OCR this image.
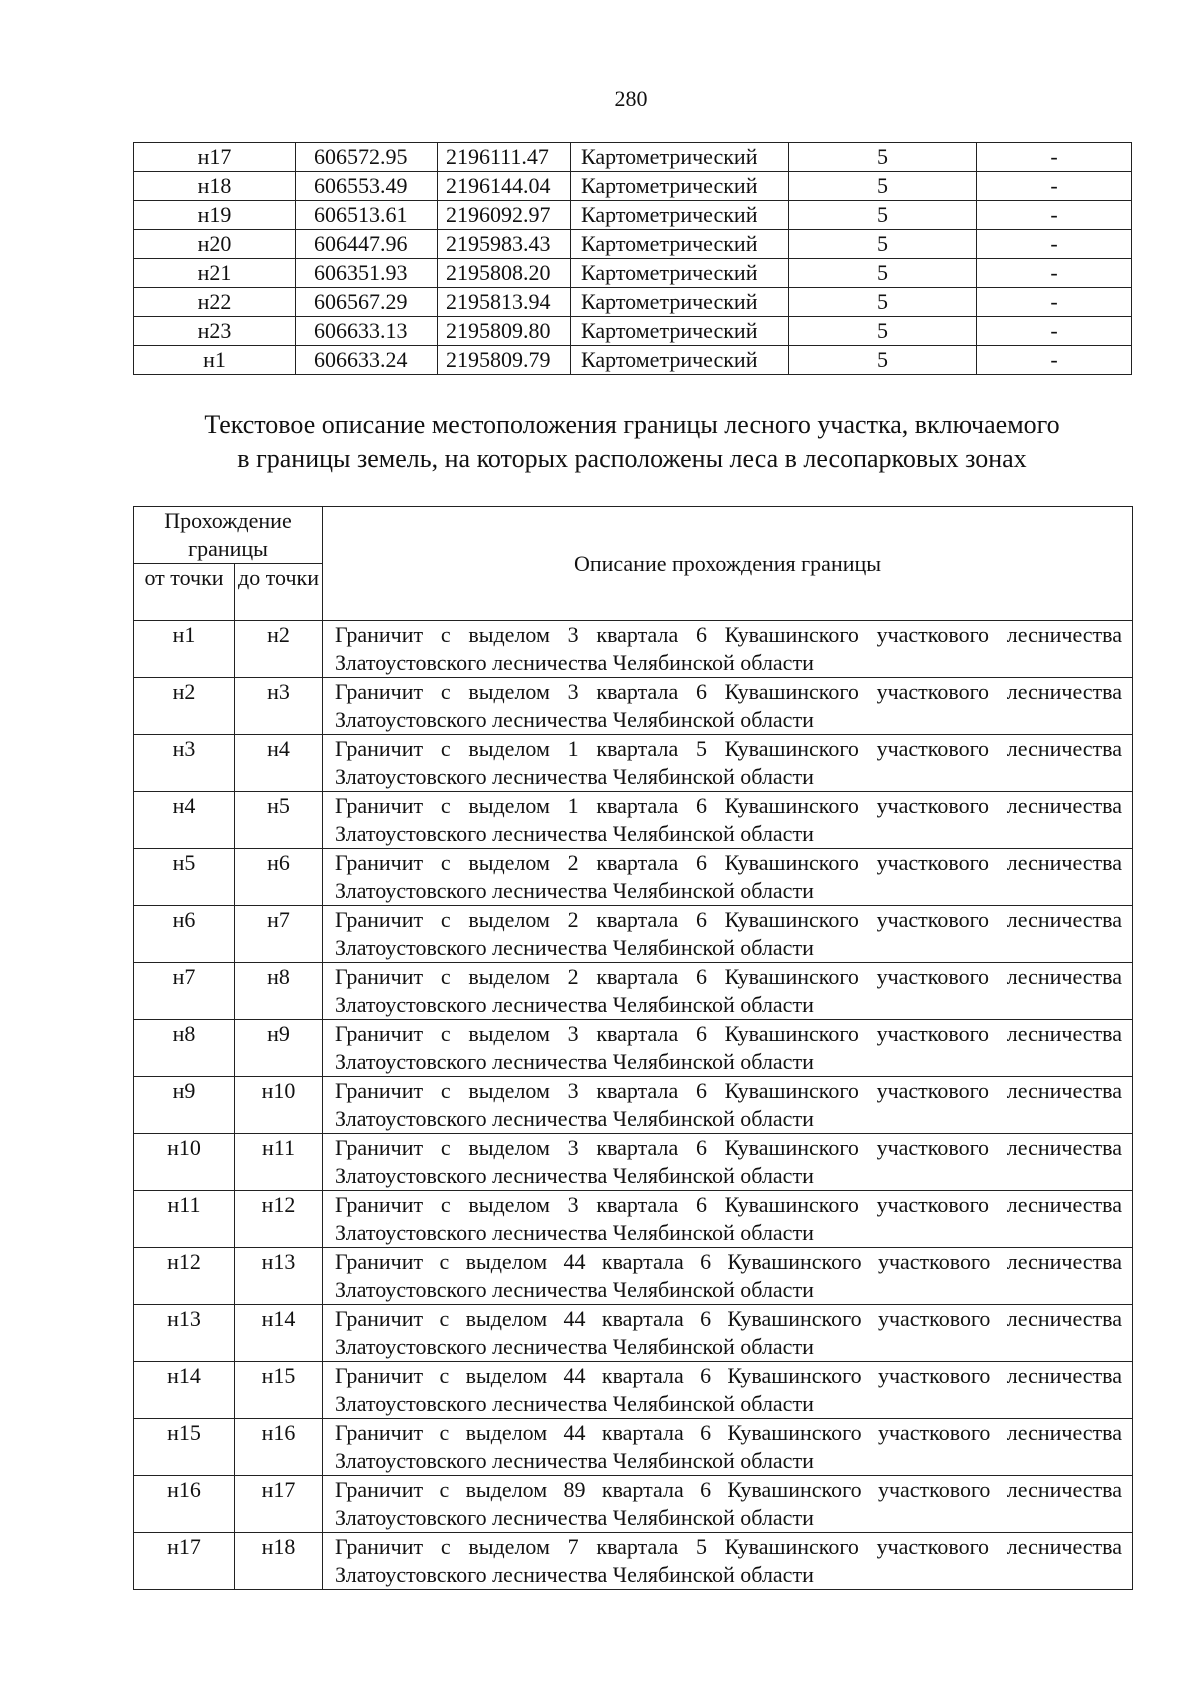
280
н17	606572.95	2196111.47	Картометрический	5	-
н18	606553.49	2196144.04	Картометрический	5	-
н19	606513.61	2196092.97	Картометрический	5	-
н20	606447.96	2195983.43	Картометрический	5	-
н21	606351.93	2195808.20	Картометрический	5	-
н22	606567.29	2195813.94	Картометрический	5	-
н23	606633.13	2195809.80	Картометрический	5	-
н1	606633.24	2195809.79	Картометрический	5	-
Текстовое описание местоположения границы лесного участка, включаемого
в границы земель, на которых расположены леса в лесопарковых зонах
Прохождение границы		Описание прохождения границы
от точки	до точки	
н1	н2	Граничит с выделом 3 квартала 6 Кувашинского участкового лесничества
Златоустовского лесничества Челябинской области

н2	н3	Граничит с выделом 3 квартала 6 Кувашинского участкового лесничества
Златоустовского лесничества Челябинской области

н3	н4	Граничит с выделом 1 квартала 5 Кувашинского участкового лесничества
Златоустовского лесничества Челябинской области

н4	н5	Граничит с выделом 1 квартала 6 Кувашинского участкового лесничества
Златоустовского лесничества Челябинской области

н5	н6	Граничит с выделом 2 квартала 6 Кувашинского участкового лесничества
Златоустовского лесничества Челябинской области

н6	н7	Граничит с выделом 2 квартала 6 Кувашинского участкового лесничества
Златоустовского лесничества Челябинской области

н7	н8	Граничит с выделом 2 квартала 6 Кувашинского участкового лесничества
Златоустовского лесничества Челябинской области

н8	н9	Граничит с выделом 3 квартала 6 Кувашинского участкового лесничества
Златоустовского лесничества Челябинской области

н9	н10	Граничит с выделом 3 квартала 6 Кувашинского участкового лесничества
Златоустовского лесничества Челябинской области

н10	н11	Граничит с выделом 3 квартала 6 Кувашинского участкового лесничества
Златоустовского лесничества Челябинской области

н11	н12	Граничит с выделом 3 квартала 6 Кувашинского участкового лесничества
Златоустовского лесничества Челябинской области

н12	н13	Граничит с выделом 44 квартала 6 Кувашинского участкового лесничества
Златоустовского лесничества Челябинской области

н13	н14	Граничит с выделом 44 квартала 6 Кувашинского участкового лесничества
Златоустовского лесничества Челябинской области

н14	н15	Граничит с выделом 44 квартала 6 Кувашинского участкового лесничества
Златоустовского лесничества Челябинской области

н15	н16	Граничит с выделом 44 квартала 6 Кувашинского участкового лесничества
Златоустовского лесничества Челябинской области

н16	н17	Граничит с выделом 89 квартала 6 Кувашинского участкового лесничества
Златоустовского лесничества Челябинской области

н17	н18	Граничит с выделом 7 квартала 5 Кувашинского участкового лесничества
Златоустовского лесничества Челябинской области
